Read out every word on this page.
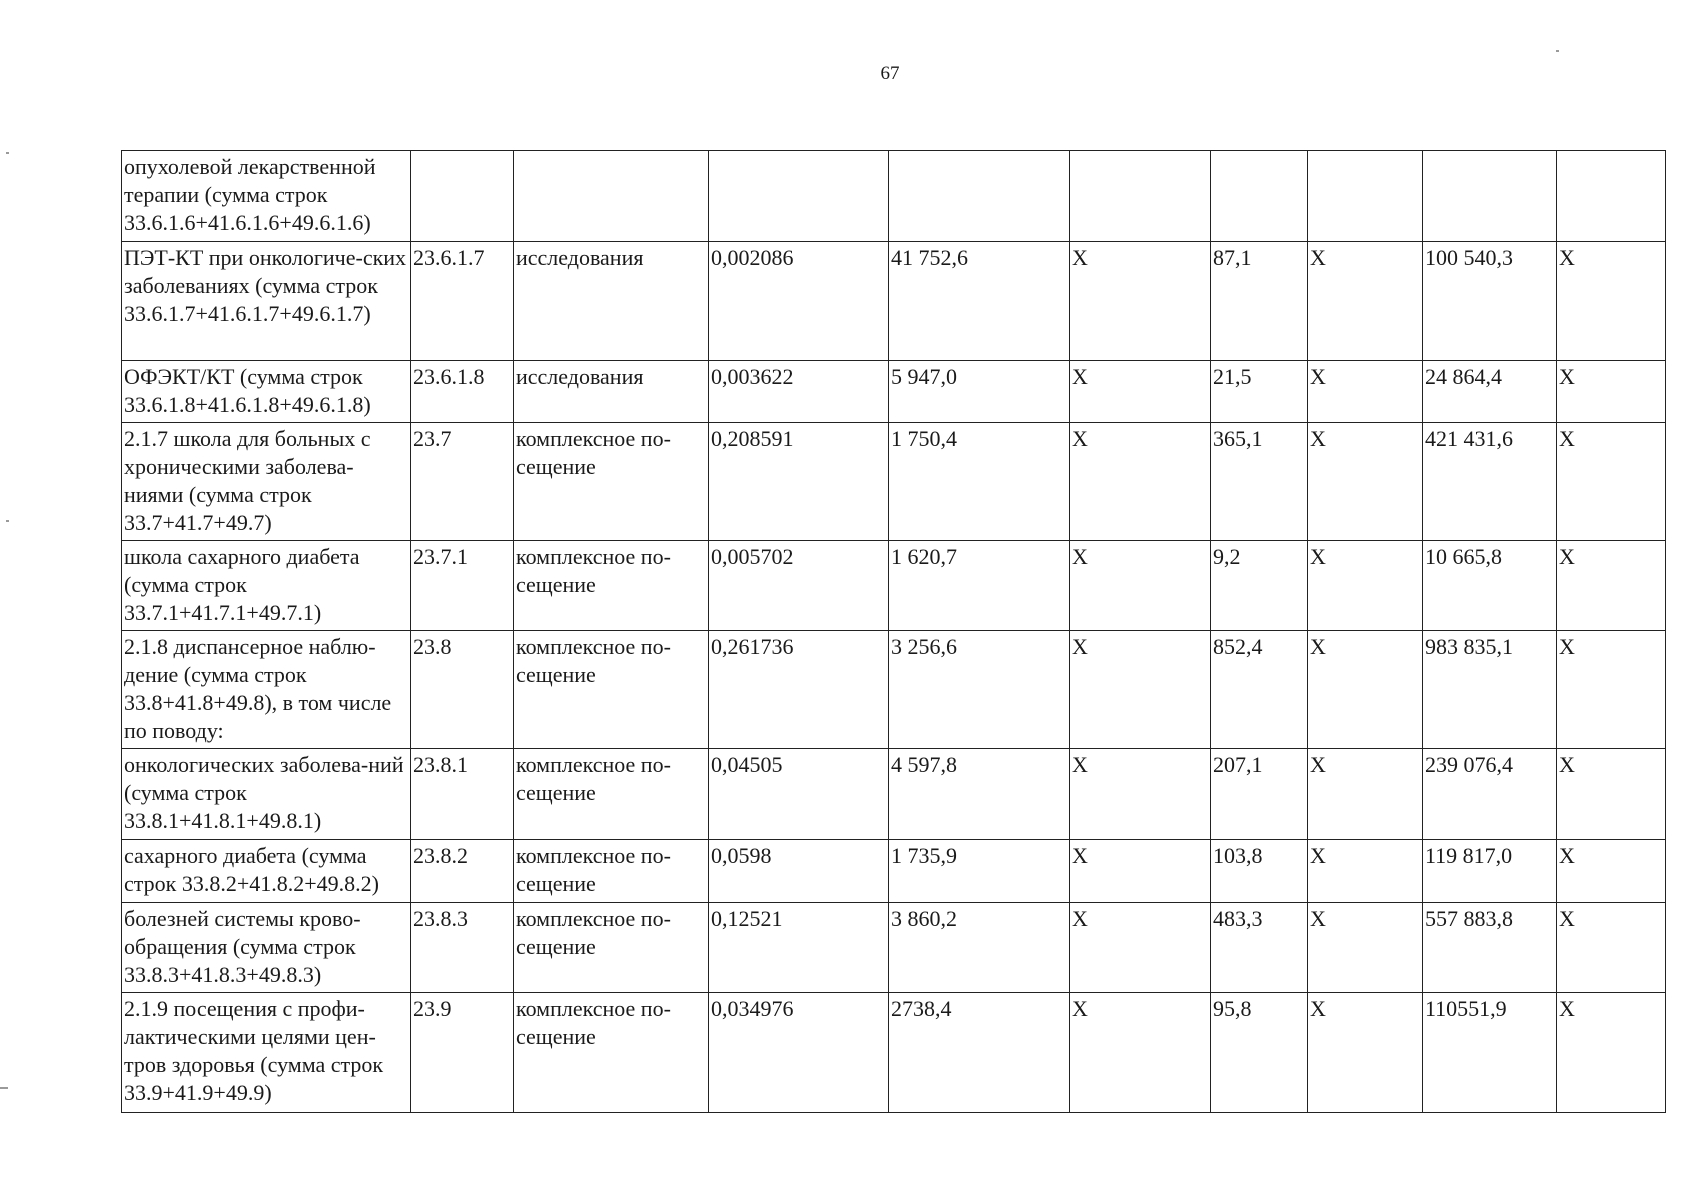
67
опухолевой лекарственной терапии (сумма строк 33.6.1.6+41.6.1.6+49.6.1.6)									
ПЭТ-КТ при онкологиче-ских заболеваниях (сумма строк 33.6.1.7+41.6.1.7+49.6.1.7)	23.6.1.7	исследования	0,002086	41 752,6	X	87,1	X	100 540,3	X
ОФЭКТ/КТ (сумма строк 33.6.1.8+41.6.1.8+49.6.1.8)	23.6.1.8	исследования	0,003622	5 947,0	X	21,5	X	24 864,4	X
2.1.7 школа для больных с хроническими заболева-ниями (сумма строк 33.7+41.7+49.7)	23.7	комплексное по-сещение	0,208591	1 750,4	X	365,1	X	421 431,6	X
школа сахарного диабета (сумма строк 33.7.1+41.7.1+49.7.1)	23.7.1	комплексное по-сещение	0,005702	1 620,7	X	9,2	X	10 665,8	X
2.1.8 диспансерное наблю-дение (сумма строк 33.8+41.8+49.8), в том числе по поводу:	23.8	комплексное по-сещение	0,261736	3 256,6	X	852,4	X	983 835,1	X
онкологических заболева-ний (сумма строк 33.8.1+41.8.1+49.8.1)	23.8.1	комплексное по-сещение	0,04505	4 597,8	X	207,1	X	239 076,4	X
сахарного диабета (сумма строк 33.8.2+41.8.2+49.8.2)	23.8.2	комплексное по-сещение	0,0598	1 735,9	X	103,8	X	119 817,0	X
болезней системы крово-обращения (сумма строк 33.8.3+41.8.3+49.8.3)	23.8.3	комплексное по-сещение	0,12521	3 860,2	X	483,3	X	557 883,8	X
2.1.9 посещения с профи-лактическими целями цен-тров здоровья (сумма строк 33.9+41.9+49.9)	23.9	комплексное по-сещение	0,034976	2738,4	X	95,8	X	110551,9	X
